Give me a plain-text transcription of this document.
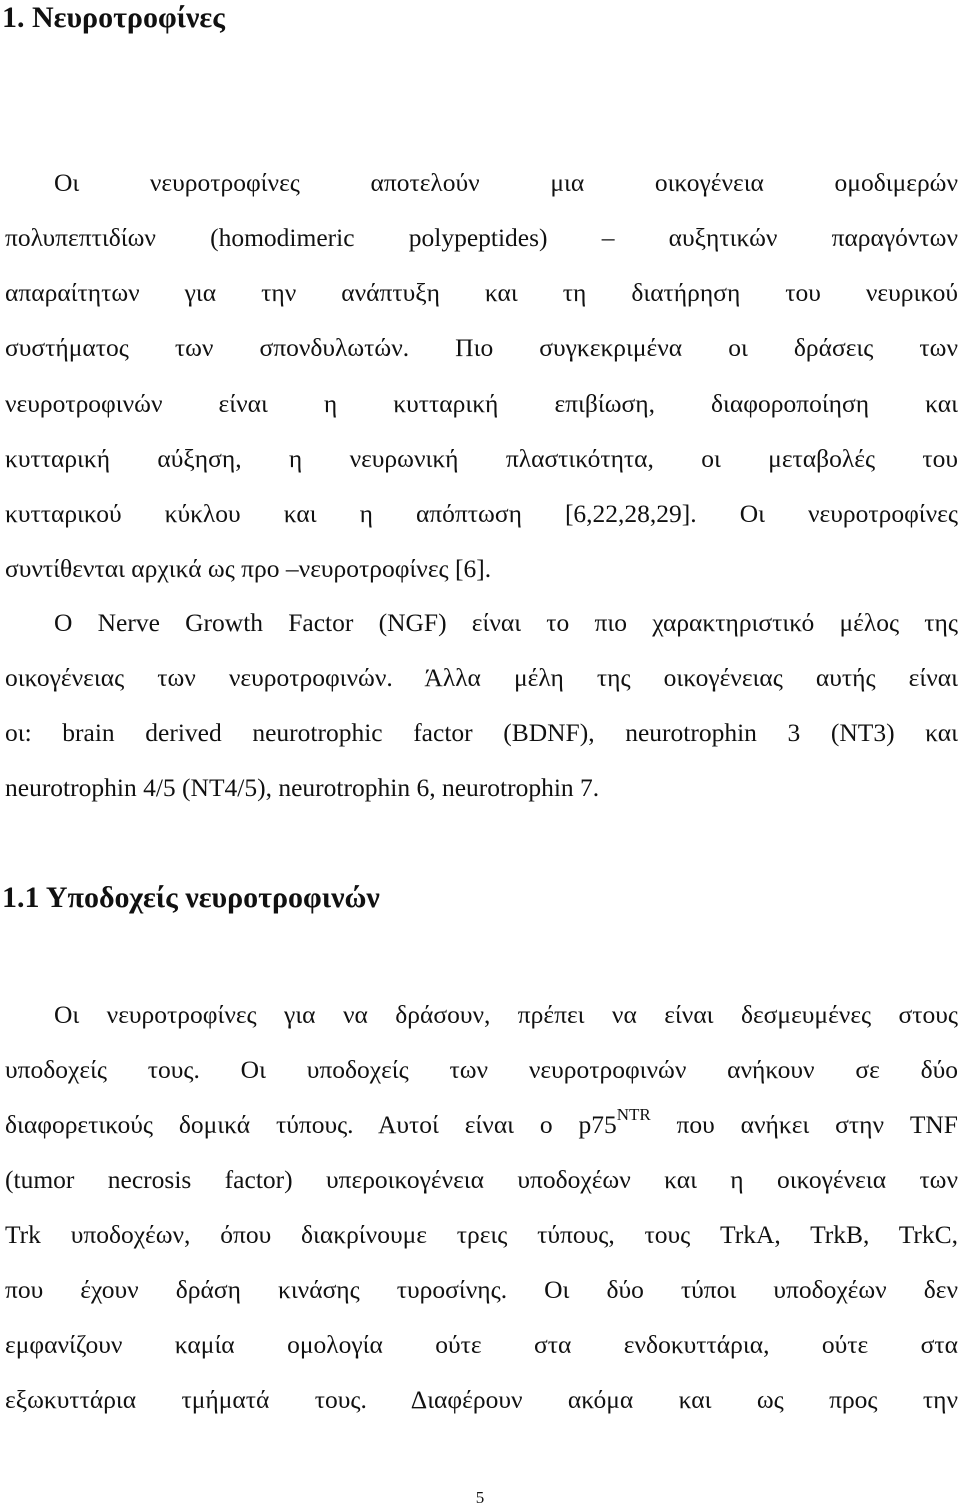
1. Νευροτροφίνες
Οι νευροτροφίνες αποτελούν μια οικογένεια ομοδιμερών
πολυπεπτιδίων (homodimeric polypeptides) – αυξητικών παραγόντων
απαραίτητων για την ανάπτυξη και τη διατήρηση του νευρικού
συστήματος των σπονδυλωτών. Πιο συγκεκριμένα οι δράσεις των
νευροτροφινών είναι η κυτταρική επιβίωση, διαφοροποίηση και
κυτταρική αύξηση, η νευρωνική πλαστικότητα, οι μεταβολές του
κυτταρικού κύκλου και η απόπτωση [6,22,28,29]. Οι νευροτροφίνες
συντίθενται αρχικά ως προ –νευροτροφίνες [6].
Ο Nerve Growth Factor (NGF) είναι το πιο χαρακτηριστικό μέλος της
οικογένειας των νευροτροφινών. Άλλα μέλη της οικογένειας αυτής είναι
οι: brain derived neurotrophic factor (BDNF), neurotrophin 3 (NT3) και
neurotrophin 4/5 (NT4/5), neurotrophin 6, neurotrophin 7.
1.1 Υποδοχείς νευροτροφινών
Οι νευροτροφίνες για να δράσουν, πρέπει να είναι δεσμευμένες στους
υποδοχείς τους. Οι υποδοχείς των νευροτροφινών ανήκουν σε δύο
διαφορετικούς δομικά τύπους. Αυτοί είναι ο $p75^{NTR}$ που ανήκει στην TNF
(tumor necrosis factor) υπεροικογένεια υποδοχέων και η οικογένεια των
Trk υποδοχέων, όπου διακρίνουμε τρεις τύπους, τους TrkA, TrkB, TrkC,
που έχουν δράση κινάσης τυροσίνης. Οι δύο τύποι υποδοχέων δεν
εμφανίζουν καμία ομολογία ούτε στα ενδοκυττάρια, ούτε στα
εξωκυττάρια τμήματά τους. Διαφέρουν ακόμα και ως προς την
5
